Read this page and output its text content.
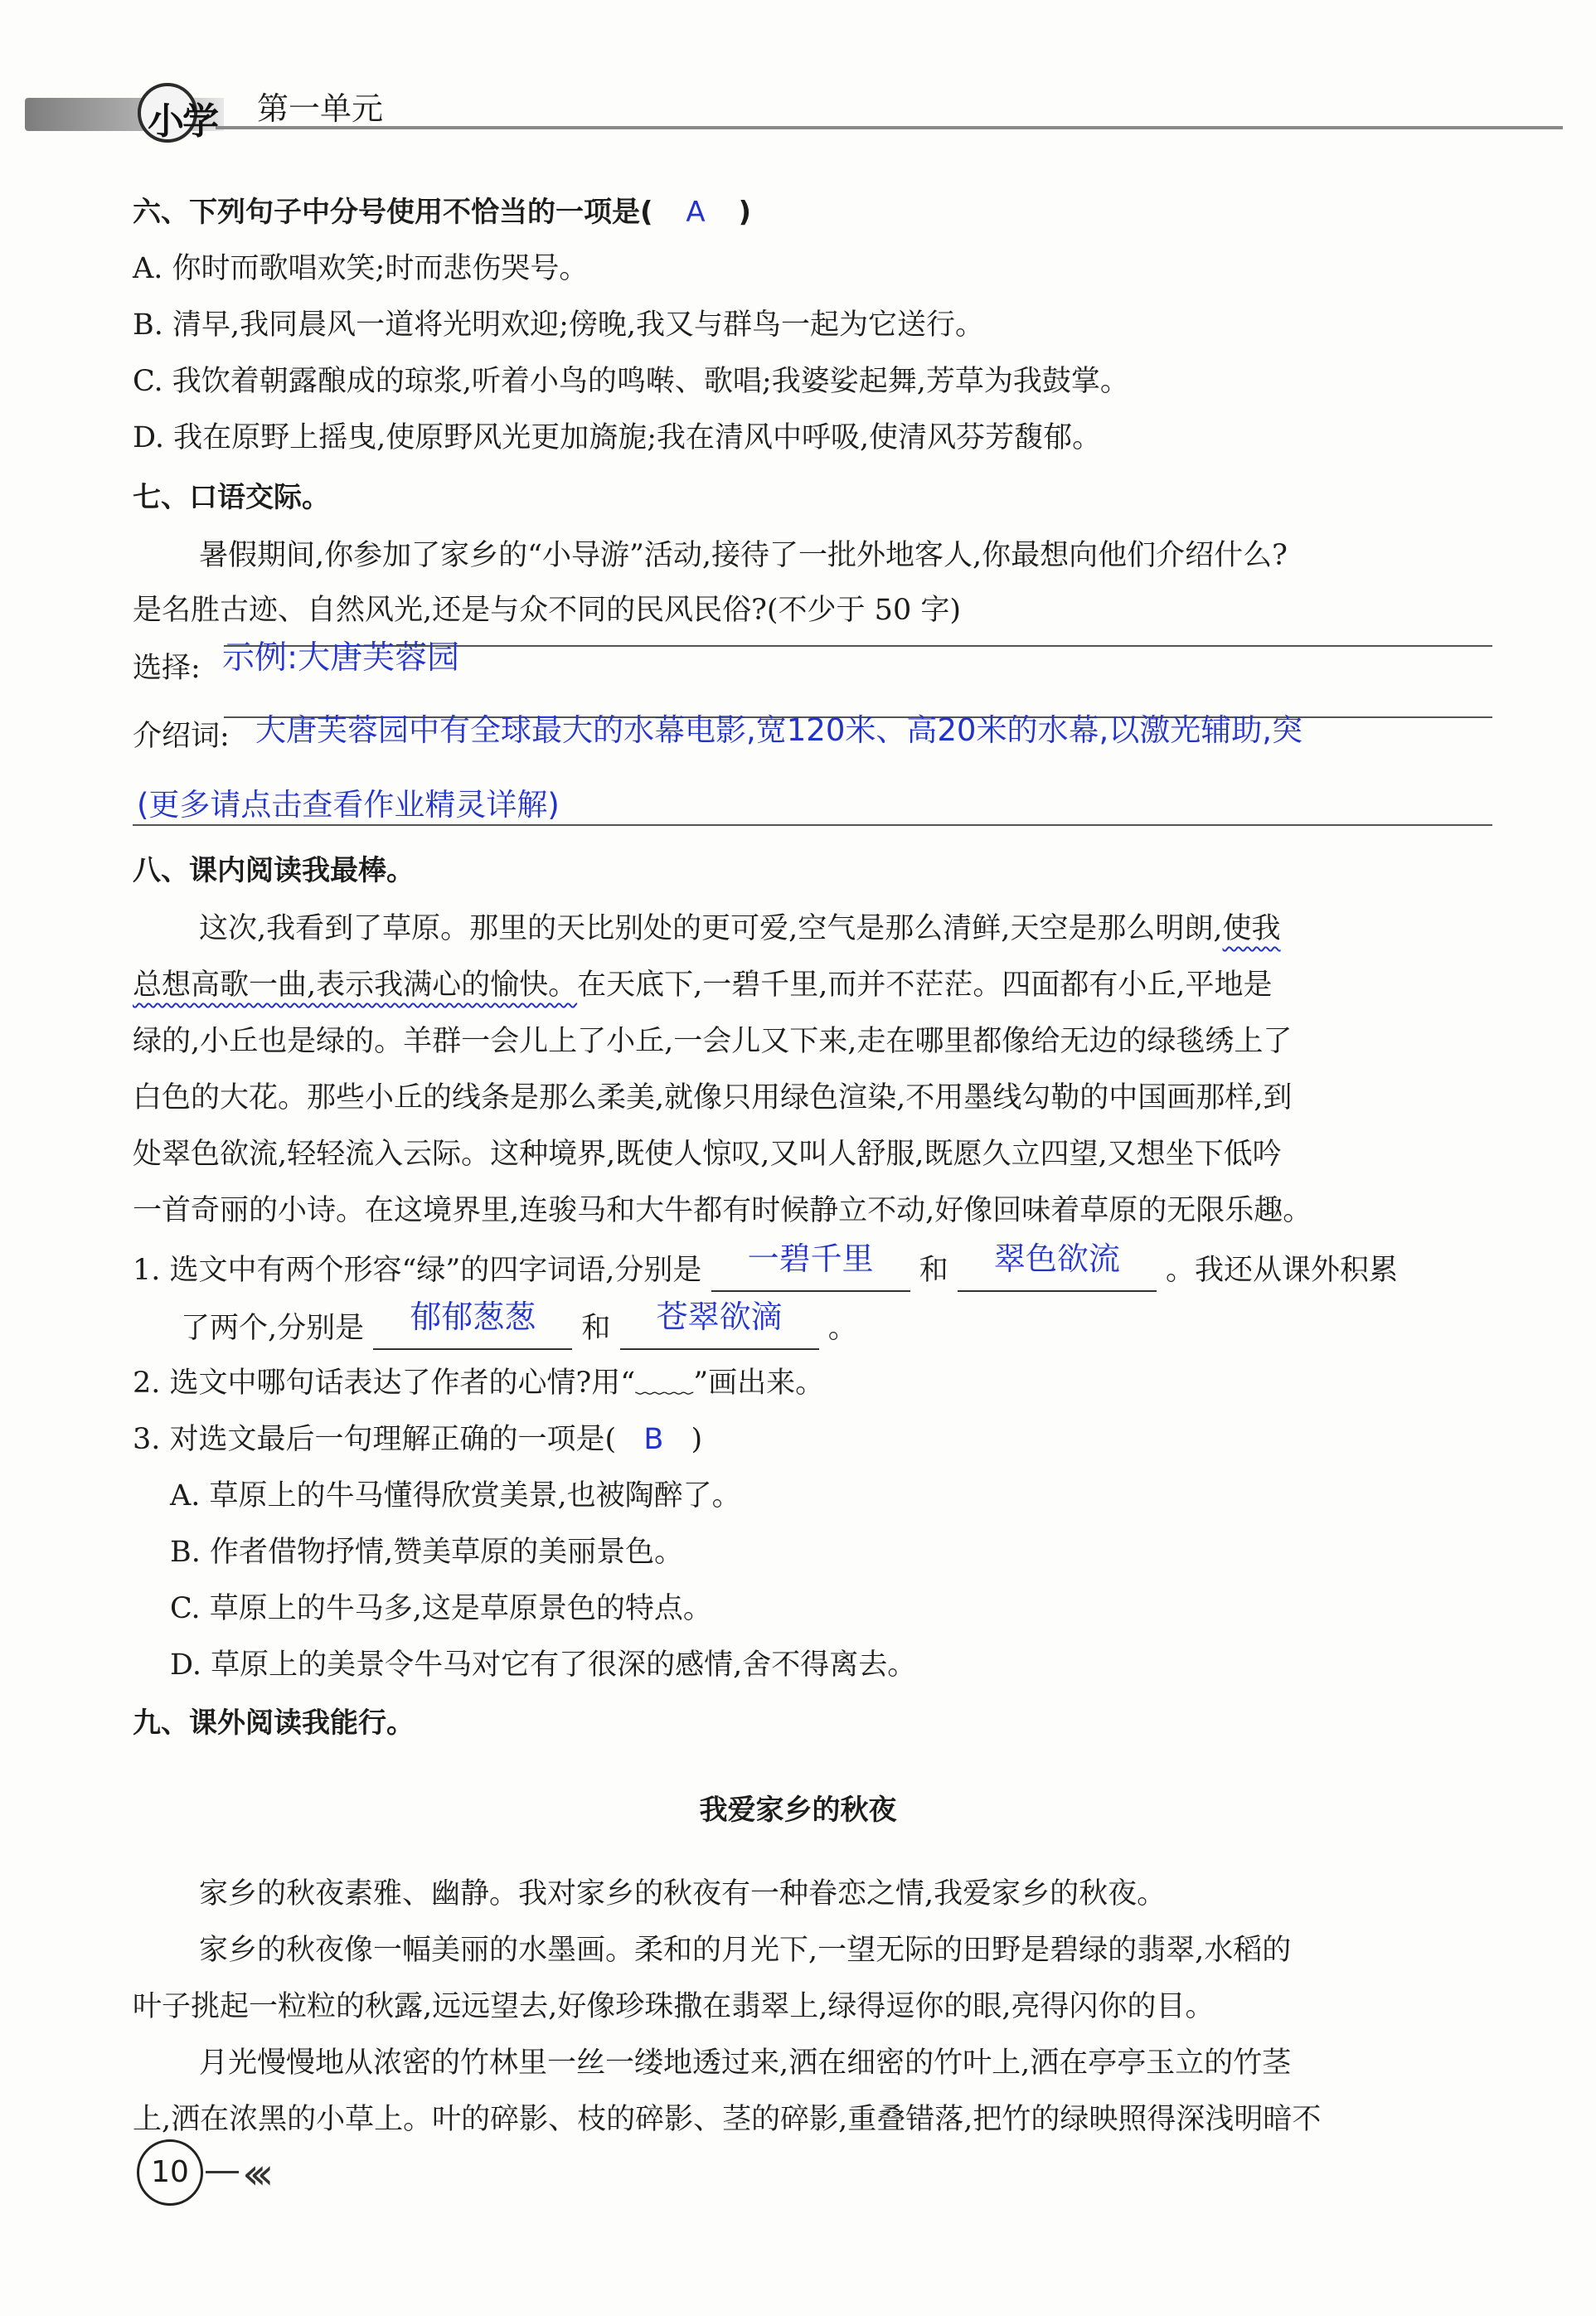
小学 第一单元
六、下列句子中分号使用不恰当的一项是( A )
A. 你时而歌唱欢笑;时而悲伤哭号。
B. 清早,我同晨风一道将光明欢迎;傍晚,我又与群鸟一起为它送行。
C. 我饮着朝露酿成的琼浆,听着小鸟的鸣啭、歌唱;我婆娑起舞,芳草为我鼓掌。
D. 我在原野上摇曳,使原野风光更加旖旎;我在清风中呼吸,使清风芬芳馥郁。
七、口语交际。
暑假期间,你参加了家乡的“小导游”活动,接待了一批外地客人,你最想向他们介绍什么?
是名胜古迹、自然风光,还是与众不同的民风民俗?(不少于 50 字)
选择: 示例:大唐芙蓉园
介绍词: 大唐芙蓉园中有全球最大的水幕电影,宽120米、高20米的水幕,以激光辅助,突
(更多请点击查看作业精灵详解)
八、课内阅读我最棒。
这次,我看到了草原。那里的天比别处的更可爱,空气是那么清鲜,天空是那么明朗,使我
总想高歌一曲,表示我满心的愉快。在天底下,一碧千里,而并不茫茫。四面都有小丘,平地是
绿的,小丘也是绿的。羊群一会儿上了小丘,一会儿又下来,走在哪里都像给无边的绿毯绣上了
白色的大花。那些小丘的线条是那么柔美,就像只用绿色渲染,不用墨线勾勒的中国画那样,到
处翠色欲流,轻轻流入云际。这种境界,既使人惊叹,又叫人舒服,既愿久立四望,又想坐下低吟
一首奇丽的小诗。在这境界里,连骏马和大牛都有时候静立不动,好像回味着草原的无限乐趣。
1. 选文中有两个形容“绿”的四字词语,分别是 一碧千里 和 翠色欲流 。我还从课外积累
了两个,分别是 郁郁葱葱 和 苍翠欲滴 。
2. 选文中哪句话表达了作者的心情?用“﹏﹏”画出来。
3. 对选文最后一句理解正确的一项是( B )
A. 草原上的牛马懂得欣赏美景,也被陶醉了。
B. 作者借物抒情,赞美草原的美丽景色。
C. 草原上的牛马多,这是草原景色的特点。
D. 草原上的美景令牛马对它有了很深的感情,舍不得离去。
九、课外阅读我能行。
我爱家乡的秋夜
家乡的秋夜素雅、幽静。我对家乡的秋夜有一种眷恋之情,我爱家乡的秋夜。
家乡的秋夜像一幅美丽的水墨画。柔和的月光下,一望无际的田野是碧绿的翡翠,水稻的
叶子挑起一粒粒的秋露,远远望去,好像珍珠撒在翡翠上,绿得逗你的眼,亮得闪你的目。
月光慢慢地从浓密的竹林里一丝一缕地透过来,洒在细密的竹叶上,洒在亭亭玉立的竹茎
上,洒在浓黑的小草上。叶的碎影、枝的碎影、茎的碎影,重叠错落,把竹的绿映照得深浅明暗不
10	‹‹‹
